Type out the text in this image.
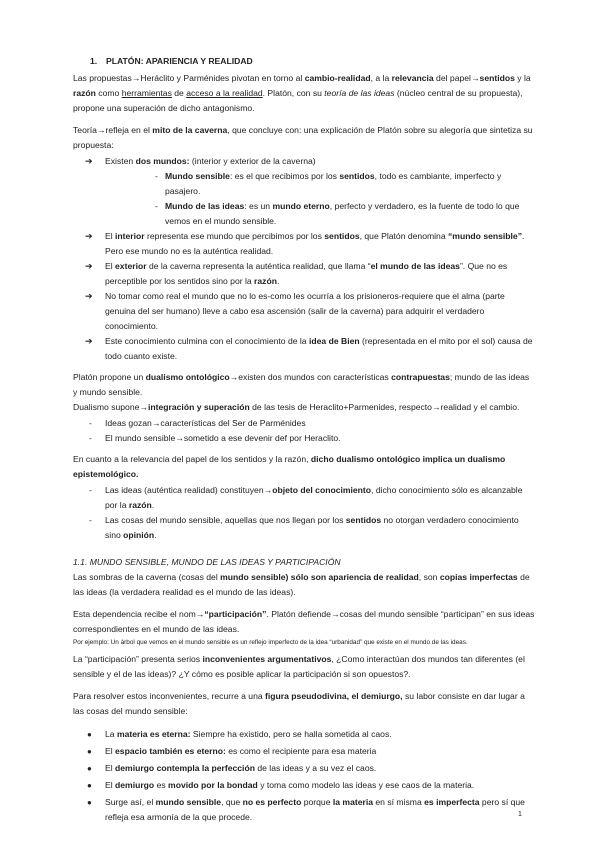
1. PLATÓN: APARIENCIA Y REALIDAD

Las propuestas→Heráclito y Parménides pivotan en torno al cambio-realidad, a la relevancia del papel→sentidos y la razón como herramientas de acceso a la realidad. Platón, con su teoría de las ideas (núcleo central de su propuesta), propone una superación de dicho antagonismo.

Teoría→refleja en el mito de la caverna, que concluye con: una explicación de Platón sobre su alegoría que sintetiza su propuesta:

➔ Existen dos mundos: (interior y exterior de la caverna)
- Mundo sensible: es el que recibimos por los sentidos, todo es cambiante, imperfecto y pasajero.
- Mundo de las ideas: es un mundo eterno, perfecto y verdadero, es la fuente de todo lo que vemos en el mundo sensible.
➔ El interior representa ese mundo que percibimos por los sentidos, que Platón denomina “mundo sensible”. Pero ese mundo no es la auténtica realidad.
➔ El exterior de la caverna representa la auténtica realidad, que llama “el mundo de las ideas”. Que no es perceptible por los sentidos sino por la razón.
➔ No tomar como real el mundo que no lo es-como les ocurría a los prisioneros-requiere que el alma (parte genuina del ser humano) lleve a cabo esa ascensión (salir de la caverna) para adquirir el verdadero conocimiento.
➔ Este conocimiento culmina con el conocimiento de la idea de Bien (representada en el mito por el sol) causa de todo cuanto existe.

Platón propone un dualismo ontológico→existen dos mundos con características contrapuestas; mundo de las ideas y mundo sensible.

Dualismo supone→integración y superación de las tesis de Heraclito+Parmenides, respecto→realidad y el cambio.

- Ideas gozan→características del Ser de Parménides
- El mundo sensible→sometido a ese devenir def por Heraclito.

En cuanto a la relevancia del papel de los sentidos y la razón, dicho dualismo ontológico implica un dualismo epistemológico.

- Las ideas (auténtica realidad) constituyen→objeto del conocimiento, dicho conocimiento sólo es alcanzable por la razón.
- Las cosas del mundo sensible, aquellas que nos llegan por los sentidos no otorgan verdadero conocimiento sino opinión.
1.1. MUNDO SENSIBLE, MUNDO DE LAS IDEAS Y PARTICIPACIÓN

Las sombras de la caverna (cosas del mundo sensible) sólo son apariencia de realidad, son copias imperfectas de las ideas (la verdadera realidad es el mundo de las ideas).

Esta dependencia recibe el nom→“participación”. Platón defiende→cosas del mundo sensible “participan” en sus ideas correspondientes en el mundo de las ideas.

Por ejemplo: Un árbol que vemos en el mundo sensible es un reflejo imperfecto de la idea “urbanidad” que existe en el mundo de las ideas.

La “participación” presenta serios inconvenientes argumentativos, ¿Como interactúan dos mundos tan diferentes (el sensible y el de las ideas)? ¿Y cómo es posible aplicar la participación si son opuestos?.

Para resolver estos inconvenientes, recurre a una figura pseudodivina, el demiurgo, su labor consiste en dar lugar a las cosas del mundo sensible:

● La materia es eterna: Siempre ha existido, pero se halla sometida al caos.
● El espacio también es eterno: es como el recipiente para esa materia
● El demiurgo contempla la perfección de las ideas y a su vez el caos.
● El demiurgo es movido por la bondad y toma como modelo las ideas y ese caos de la materia.
● Surge así, el mundo sensible, que no es perfecto porque la materia en sí misma es imperfecta pero sí que refleja esa armonía de la que procede.	1
